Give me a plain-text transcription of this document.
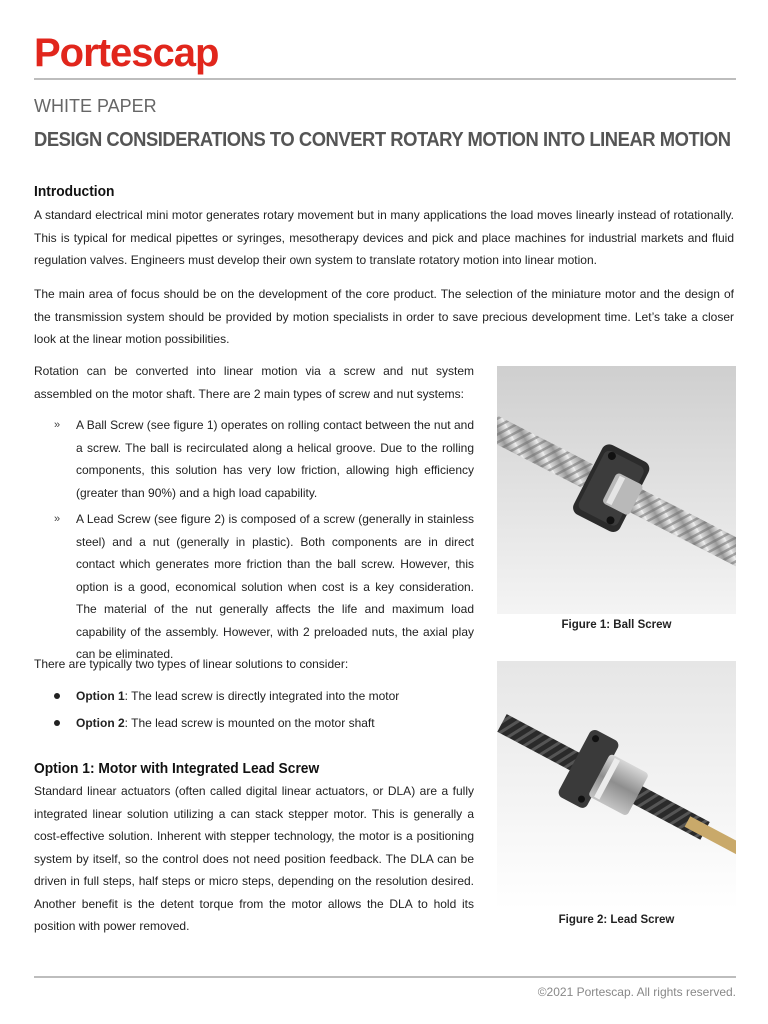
Portescap
WHITE PAPER
DESIGN CONSIDERATIONS TO CONVERT ROTARY MOTION INTO LINEAR MOTION
Introduction

A standard electrical mini motor generates rotary movement but in many applications the load moves linearly instead of rotationally. This is typical for medical pipettes or syringes, mesotherapy devices and pick and place machines for industrial markets and fluid regulation valves. Engineers must develop their own system to translate rotatory motion into linear motion.

The main area of focus should be on the development of the core product. The selection of the miniature motor and the design of the transmission system should be provided by motion specialists in order to save precious development time. Let’s take a closer look at the linear motion possibilities.

Rotation can be converted into linear motion via a screw and nut system assembled on the motor shaft. There are 2 main types of screw and nut systems:

» A Ball Screw (see figure 1) operates on rolling contact between the nut and a screw. The ball is recirculated along a helical groove. Due to the rolling components, this solution has very low friction, allowing high efficiency (greater than 90%) and a high load capability.
» A Lead Screw (see figure 2) is composed of a screw (generally in stainless steel) and a nut (generally in plastic). Both components are in direct contact which generates more friction than the ball screw. However, this option is a good, economical solution when cost is a key consideration. The material of the nut generally affects the life and maximum load capability of the assembly. However, with 2 preloaded nuts, the axial play can be eliminated.

There are typically two types of linear solutions to consider:

Option 1: The lead screw is directly integrated into the motor
Option 2: The lead screw is mounted on the motor shaft
Option 1: Motor with Integrated Lead Screw

Standard linear actuators (often called digital linear actuators, or DLA) are a fully integrated linear solution utilizing a can stack stepper motor. This is generally a cost-effective solution. Inherent with stepper technology, the motor is a positioning system by itself, so the control does not need position feedback. The DLA can be driven in full steps, half steps or micro steps, depending on the resolution desired. Another benefit is the detent torque from the motor allows the DLA to hold its position with power removed.

Figure 1: Ball Screw
Figure 2: Lead Screw
©2021 Portescap. All rights reserved.
